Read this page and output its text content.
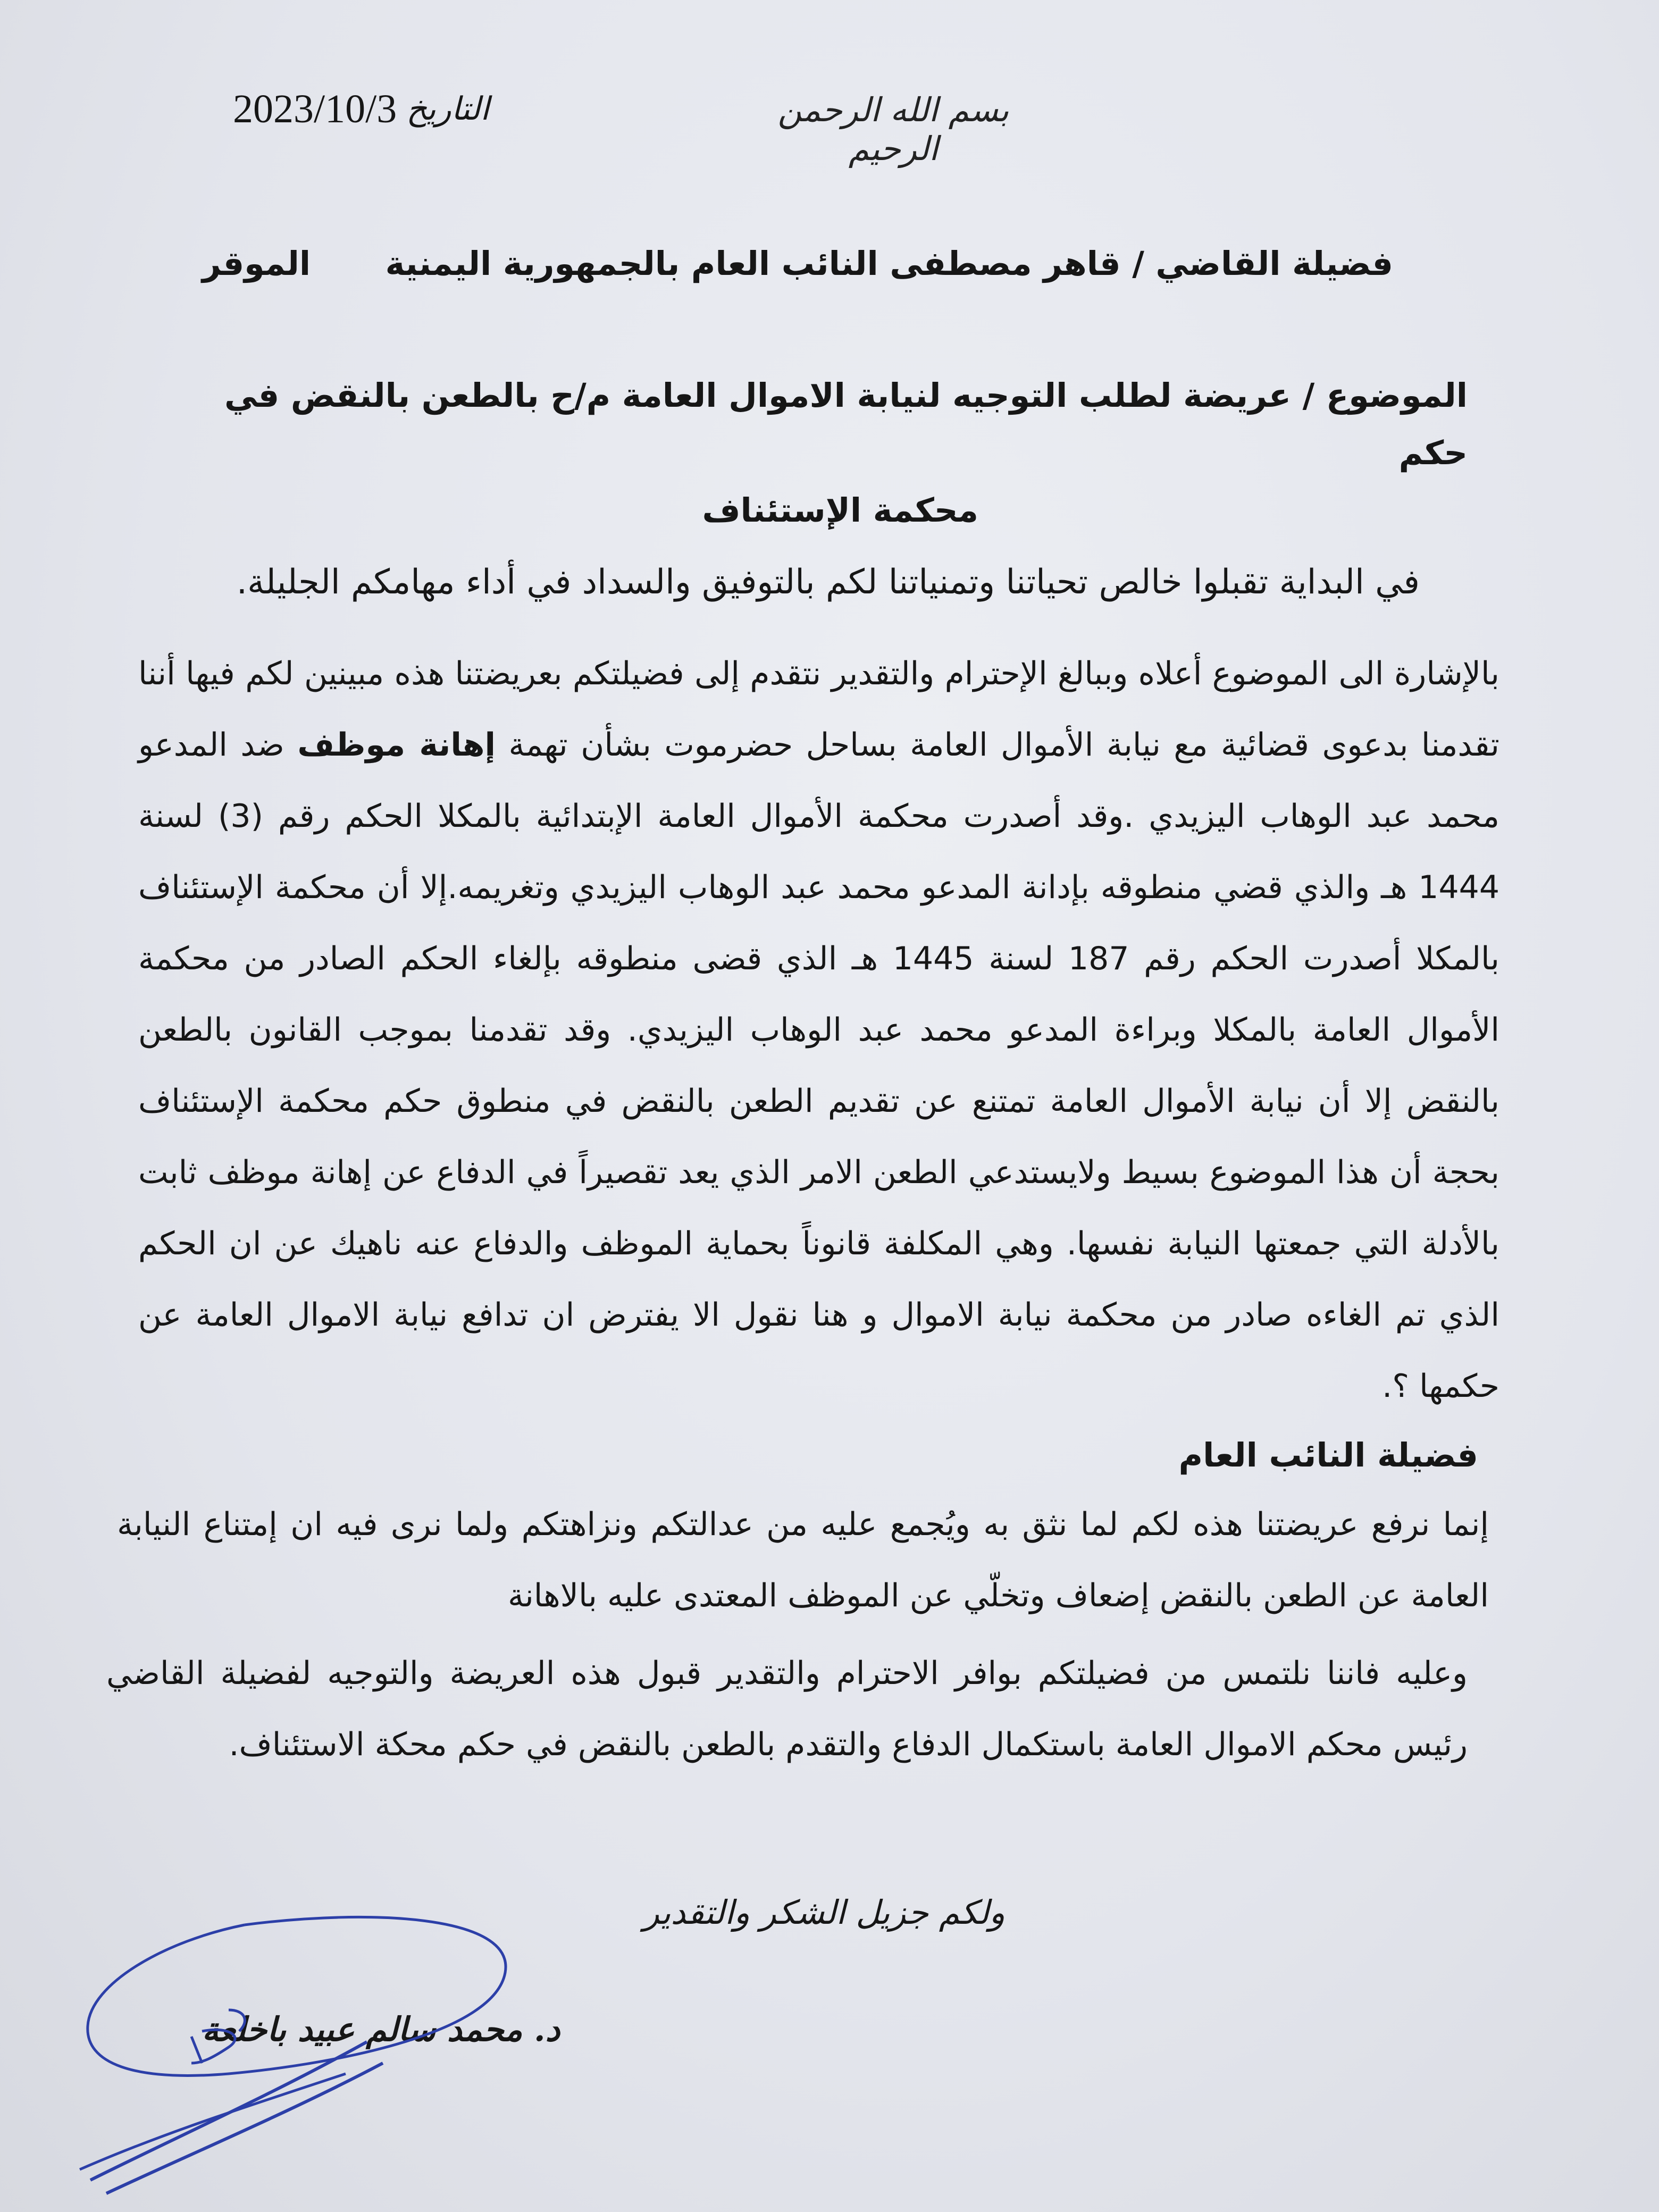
بسم الله الرحمن الرحيم
التاريخ
2023/10/3
فضيلة القاضي / قاهر مصطفى النائب العام بالجمهورية اليمنية
الموقر
الموضوع / عريضة لطلب التوجيه لنيابة الاموال العامة م/ح بالطعن بالنقض في حكم
محكمة الإستئناف
في البداية تقبلوا خالص تحياتنا وتمنياتنا لكم بالتوفيق والسداد في أداء مهامكم الجليلة.
بالإشارة الى الموضوع أعلاه وببالغ الإحترام والتقدير نتقدم إلى فضيلتكم بعريضتنا هذه مبينين لكم فيها أننا تقدمنا بدعوى قضائية مع نيابة الأموال العامة بساحل حضرموت بشأن تهمة إهانة موظف ضد المدعو محمد عبد الوهاب اليزيدي .وقد أصدرت محكمة الأموال العامة الإبتدائية بالمكلا الحكم رقم (3) لسنة 1444 هـ والذي قضي منطوقه بإدانة المدعو محمد عبد الوهاب اليزيدي وتغريمه.إلا أن محكمة الإستئناف بالمكلا أصدرت الحكم رقم 187 لسنة 1445 هـ الذي قضى منطوقه بإلغاء الحكم الصادر من محكمة الأموال العامة بالمكلا وبراءة المدعو محمد عبد الوهاب اليزيدي. وقد تقدمنا بموجب القانون بالطعن بالنقض إلا أن نيابة الأموال العامة تمتنع عن تقديم الطعن بالنقض في منطوق حكم محكمة الإستئناف بحجة أن هذا الموضوع بسيط ولايستدعي الطعن الامر الذي يعد تقصيراً في الدفاع عن إهانة موظف ثابت بالأدلة التي جمعتها النيابة نفسها. وهي المكلفة قانوناً بحماية الموظف والدفاع عنه ناهيك عن ان الحكم الذي تم الغاءه صادر من محكمة نيابة الاموال و هنا نقول الا يفترض ان تدافع نيابة الاموال العامة عن حكمها ؟.
فضيلة النائب العام
إنما نرفع عريضتنا هذه لكم لما نثق به ويُجمع عليه من عدالتكم ونزاهتكم ولما نرى فيه ان إمتناع النيابة العامة عن الطعن بالنقض إضعاف وتخلّي عن الموظف المعتدى عليه بالاهانة
وعليه فاننا نلتمس من فضيلتكم بوافر الاحترام والتقدير قبول هذه العريضة والتوجيه لفضيلة القاضي رئيس محكم الاموال العامة باستكمال الدفاع والتقدم بالطعن بالنقض في حكم محكة الاستئناف.
ولكم جزيل الشكر والتقدير
د. محمد سالم عبيد باخلعة
